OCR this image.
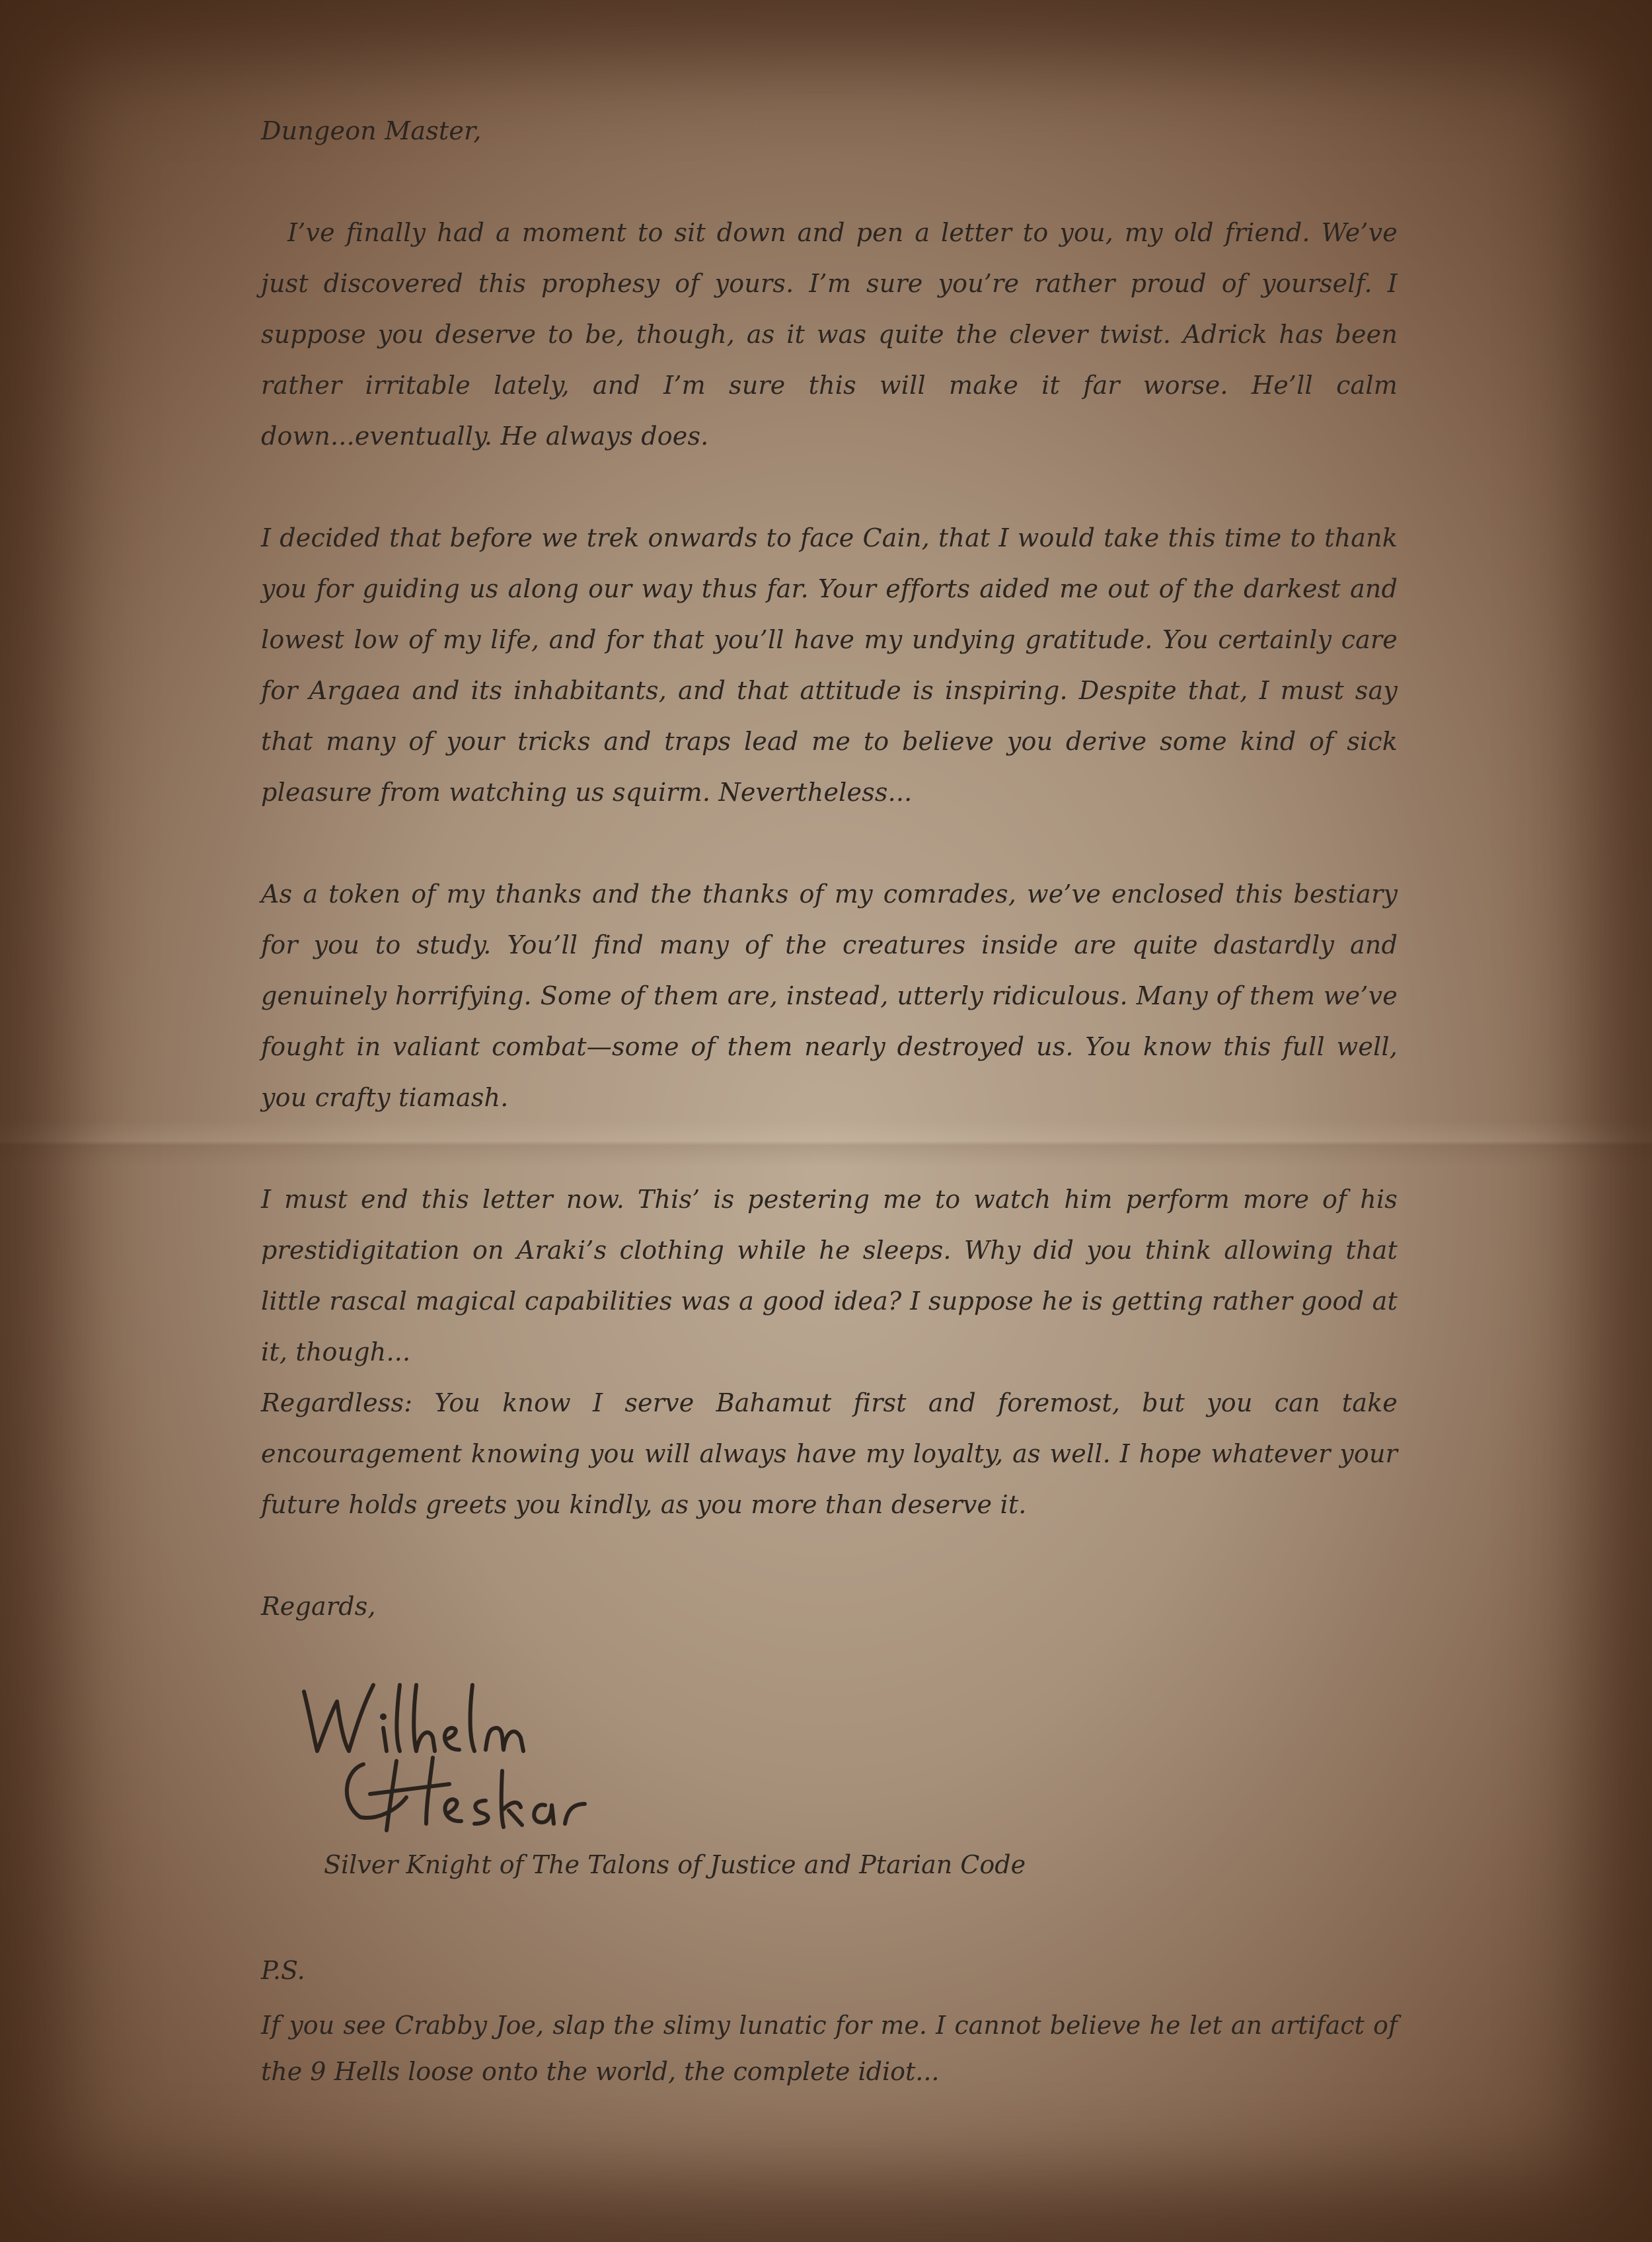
Dungeon Master,

I’ve finally had a moment to sit down and pen a letter to you, my old friend. We’ve just discovered this prophesy of yours. I’m sure you’re rather proud of yourself. I suppose you deserve to be, though, as it was quite the clever twist. Adrick has been rather irritable lately, and I’m sure this will make it far worse. He’ll calm down...eventually. He always does.

I decided that before we trek onwards to face Cain, that I would take this time to thank you for guiding us along our way thus far. Your efforts aided me out of the darkest and lowest low of my life, and for that you’ll have my undying gratitude. You certainly care for Argaea and its inhabitants, and that attitude is inspiring. Despite that, I must say that many of your tricks and traps lead me to believe you derive some kind of sick pleasure from watching us squirm. Nevertheless...

As a token of my thanks and the thanks of my comrades, we’ve enclosed this bestiary for you to study. You’ll find many of the creatures inside are quite dastardly and genuinely horrifying. Some of them are, instead, utterly ridiculous. Many of them we’ve fought in valiant combat—some of them nearly destroyed us. You know this full well, you crafty tiamash.

I must end this letter now. This’ is pestering me to watch him perform more of his prestidigitation on Araki’s clothing while he sleeps. Why did you think allowing that little rascal magical capabilities was a good idea? I suppose he is getting rather good at it, though...

Regardless: You know I serve Bahamut first and foremost, but you can take encouragement knowing you will always have my loyalty, as well. I hope whatever your future holds greets you kindly, as you more than deserve it.

Regards,

Silver Knight of The Talons of Justice and Ptarian Code
P.S.
If you see Crabby Joe, slap the slimy lunatic for me. I cannot believe he let an artifact of the 9 Hells loose onto the world, the complete idiot...
